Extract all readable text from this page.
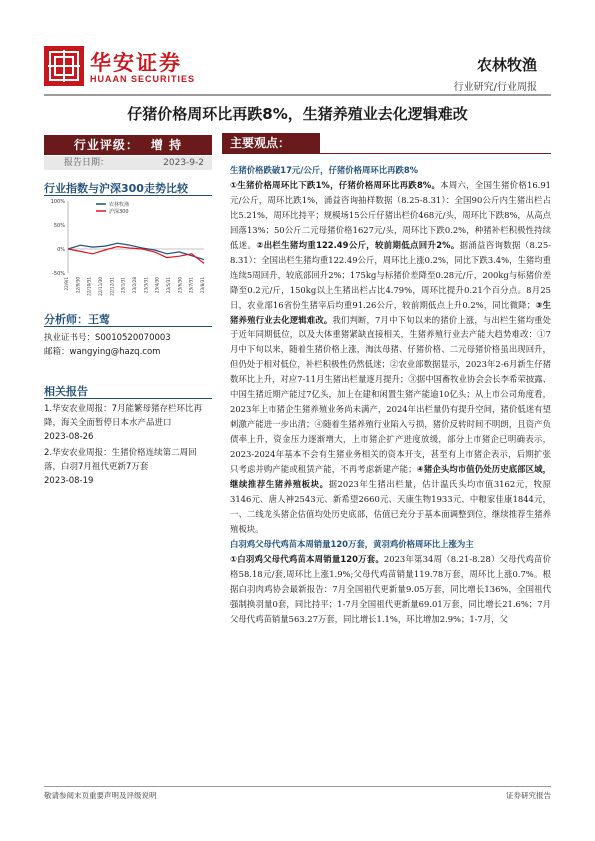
华安证券
HUAAN SECURITIES
农林牧渔
行业研究/行业周报
仔猪价格周环比再跌8%，生猪养殖业去化逻辑难改
行业评级： 增 持
报告日期：	2023-9-2
行业指数与沪深300走势比较
100%
50%
0%
-50%
22/9/1 22/9/30 22/10/31 22/11/30 22/12/31 23/1/31 23/2/28 23/3/31 23/4/30 23/5/31 23/6/30 23/7/31 23/8/31
农林牧渔
沪深300
分析师：王莺
执业证书号：S0010520070003
邮箱：wangying@hazq.com
相关报告

1.华安农业周报：7月能繁母猪存栏环比再降，海关全面暂停日本水产品进口
2023-08-26

2.华安农业周报：生猪价格连续第二周回落，白羽7月祖代更新7万套
2023-08-19

主要观点：

生猪价格跌破17元/公斤，仔猪价格周环比再跌8%

①生猪价格周环比下跌1%，仔猪价格周环比再跌8%。本周六，全国生猪价格16.91元/公斤，周环比跌1%，涌益咨询抽样数据（8.25-8.31）：全国90公斤内生猪出栏占比5.21%，周环比持平；规模场15公斤仔猪出栏价468元/头，周环比下跌8%，从高点回落13%；50公斤二元母猪价格1627元/头，周环比下跌0.2%，种猪补栏积极性持续低迷。②出栏生猪均重122.49公斤，较前期低点回升2%。据涌益咨询数据（8.25-8.31）：全国出栏生猪均重122.49公斤，周环比上涨0.2%，同比下跌3.4%，生猪均重连续5周回升，较底部回升2%；175kg与标猪价差降至0.28元/斤，200kg与标猪价差降至0.2元/斤，150kg以上生猪出栏占比4.79%，周环比提升0.21个百分点。8月25日，农业部16省份生猪宰后均重91.26公斤，较前期低点上升0.2%，同比微降；③生猪养殖行业去化逻辑难改。我们判断，7月中下旬以来的猪价上涨，与出栏生猪均重处于近年同期低位，以及大体重猪紧缺直接相关，生猪养殖行业去产能大趋势难改：①7月中下旬以来，随着生猪价格上涨，淘汰母猪、仔猪价格、二元母猪价格虽出现回升，但仍处于相对低位，补栏积极性仍然低迷；②农业部数据显示，2023年2-6月新生仔猪数环比上升，对应7-11月生猪出栏量逐月提升；③据中国畜牧业协会会长李希荣披露、中国生猪近期产能过7亿头，加上在建和闲置生猪产能逾10亿头；从上市公司角度看，2023年上市猪企生猪养殖业务尚未满产，2024年出栏量仍有提升空间，猪价低迷有望刺激产能进一步出清；④随着生猪养殖行业陷入亏损，猪价反转时间不明朗，且资产负债率上升，资金压力逐渐增大，上市猪企扩产进度放缓，部分上市猪企已明确表示，2023-2024年基本不会有生猪业务相关的资本开支，甚至有上市猪企表示，后期扩张只考虑并购产能或租赁产能，不再考虑新建产能；④猪企头均市值仍处历史底部区域，继续推荐生猪养殖板块。据2023年生猪出栏量，估计温氏头均市值3162元，牧原3146元、唐人神2543元、新希望2660元、天康生物1933元、中粮家佳康1844元，一、二线龙头猪企估值均处历史底部，估值已充分于基本面调整到位，继续推荐生猪养殖板块。

白羽鸡父母代鸡苗本周销量120万套，黄羽鸡价格周环比上涨为主

①白羽鸡父母代鸡苗本周销量120万套。2023年第34周（8.21-8.28）父母代鸡苗价格58.18元/套,周环比上涨1.9%;父母代鸡苗销量119.78万套，周环比上涨0.7%。根据白羽肉鸡协会最新报告：7月全国祖代更新量9.05万套，同比增长136%，全国祖代强制换羽量0套，同比持平；1-7月全国祖代更新量69.01万套，同比增长21.6%；7月父母代鸡苗销量563.27万套，同比增长1.1%，环比增加2.9%；1-7月，父

敬请参阅末页重要声明及评级说明	证券研究报告
